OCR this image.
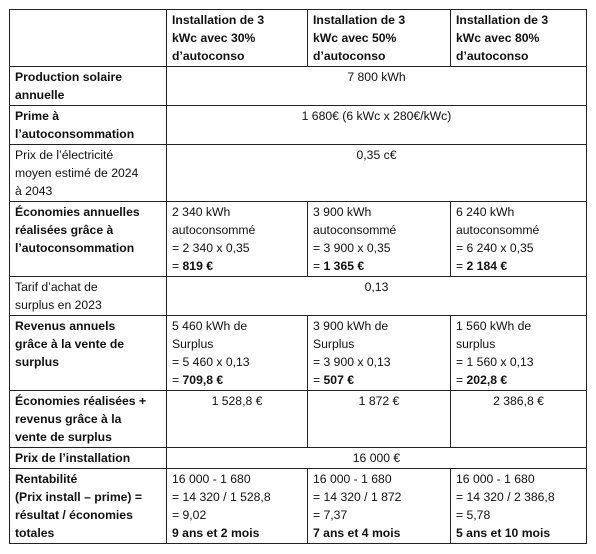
	Installation de 3
kWc avec 30%
d’autoconso	Installation de 3
kWc avec 50%
d’autoconso	Installation de 3
kWc avec 80%
d’autoconso

Production solaire
annuelle	7 800 kWh		

Prime à
l’autoconsommation	1 680€ (6 kWc x 280€/kWc)		

Prix de l’électricité
moyen estimé de 2024
à 2043	0,35 c€		

Économies annuelles
réalisées grâce à
l’autoconsommation	2 340 kWh
autoconsommé
= 2 340 x 0,35
= 819 €	3 900 kWh
autoconsommé
= 3 900 x 0,35
= 1 365 €	6 240 kWh
autoconsommé
= 6 240 x 0,35
= 2 184 €

Tarif d’achat de
surplus en 2023	0,13		

Revenus annuels
grâce à la vente de
surplus	5 460 kWh de
Surplus
= 5 460 x 0,13
= 709,8 €	3 900 kWh de
Surplus
= 3 900 x 0,13
= 507 €	1 560 kWh de
surplus
= 1 560 x 0,13
= 202,8 €

Économies réalisées +
revenus grâce à la
vente de surplus	1 528,8 €	1 872 €	2 386,8 €
Prix de l’installation	16 000 €		

Rentabilité
(Prix install – prime) =
résultat / économies
totales	16 000 - 1 680
= 14 320 / 1 528,8
= 9,02
9 ans et 2 mois	16 000 - 1 680
= 14 320 / 1 872
= 7,37
7 ans et 4 mois	16 000 - 1 680
= 14 320 / 2 386,8
= 5,78
5 ans et 10 mois
